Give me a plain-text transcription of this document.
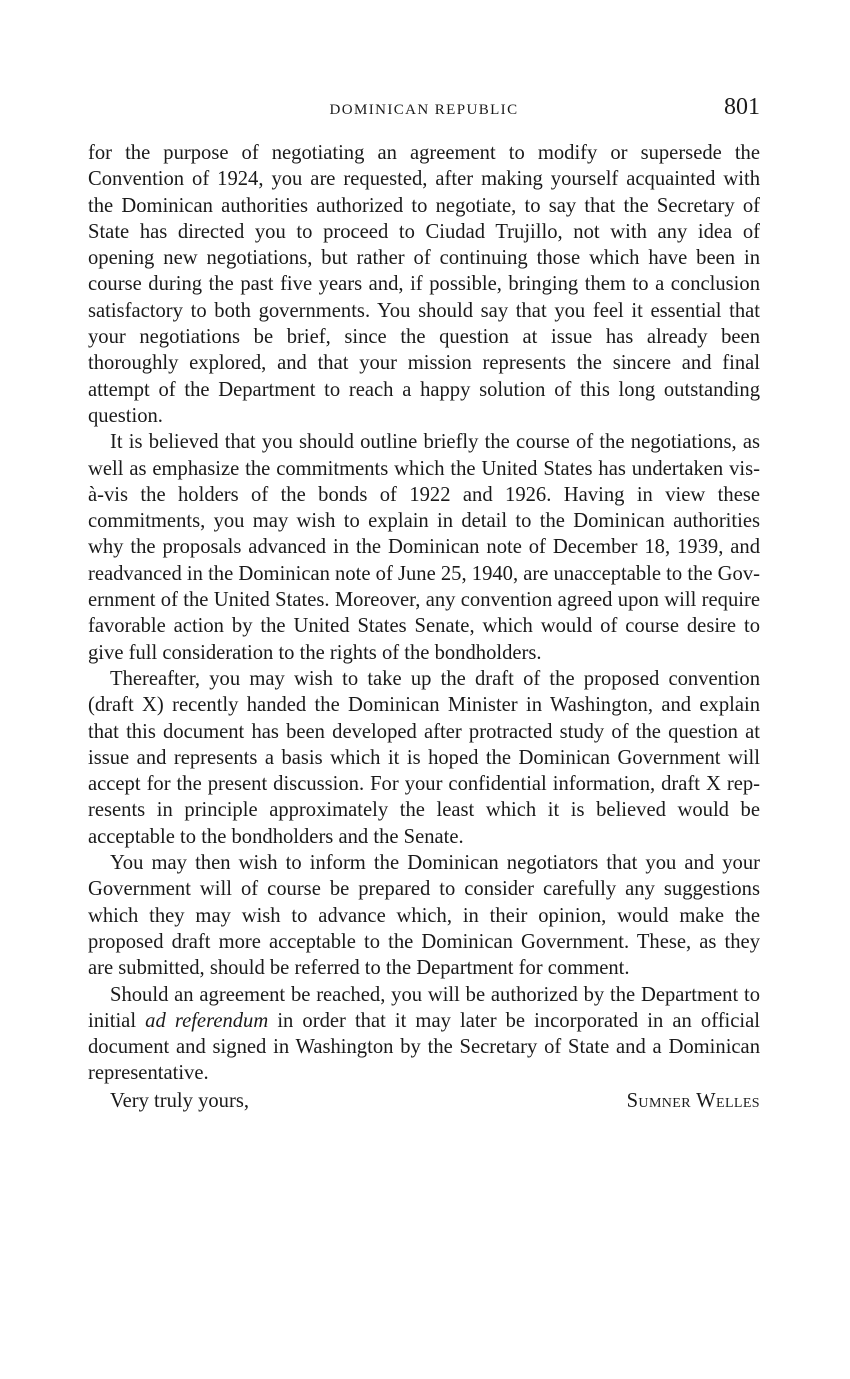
DOMINICAN REPUBLIC	801

for the purpose of negotiating an agreement to modify or supersede the Convention of 1924, you are requested, after making yourself acquainted with the Dominican authorities authorized to negotiate, to say that the Secretary of State has directed you to proceed to Ciudad Trujillo, not with any idea of opening new negotiations, but rather of continuing those which have been in course during the past five years and, if possible, bringing them to a conclusion satisfactory to both governments. You should say that you feel it essential that your negotiations be brief, since the question at issue has already been thoroughly explored, and that your mission represents the sincere and final attempt of the Department to reach a happy solution of this long outstanding question.

It is believed that you should outline briefly the course of the negotiations, as well as emphasize the commitments which the United States has undertaken vis-à-vis the holders of the bonds of 1922 and 1926. Having in view these commitments, you may wish to explain in detail to the Dominican authorities why the proposals advanced in the Dominican note of December 18, 1939, and readvanced in the Dominican note of June 25, 1940, are unacceptable to the Government of the United States. Moreover, any convention agreed upon will require favorable action by the United States Senate, which would of course desire to give full consideration to the rights of the bondholders.

Thereafter, you may wish to take up the draft of the proposed convention (draft X) recently handed the Dominican Minister in Washington, and explain that this document has been developed after protracted study of the question at issue and represents a basis which it is hoped the Dominican Government will accept for the present discussion. For your confidential information, draft X represents in principle approximately the least which it is believed would be acceptable to the bondholders and the Senate.

You may then wish to inform the Dominican negotiators that you and your Government will of course be prepared to consider carefully any suggestions which they may wish to advance which, in their opinion, would make the proposed draft more acceptable to the Dominican Government. These, as they are submitted, should be referred to the Department for comment.

Should an agreement be reached, you will be authorized by the Department to initial ad referendum in order that it may later be incorporated in an official document and signed in Washington by the Secretary of State and a Dominican representative.

Very truly yours,	Sumner Welles
